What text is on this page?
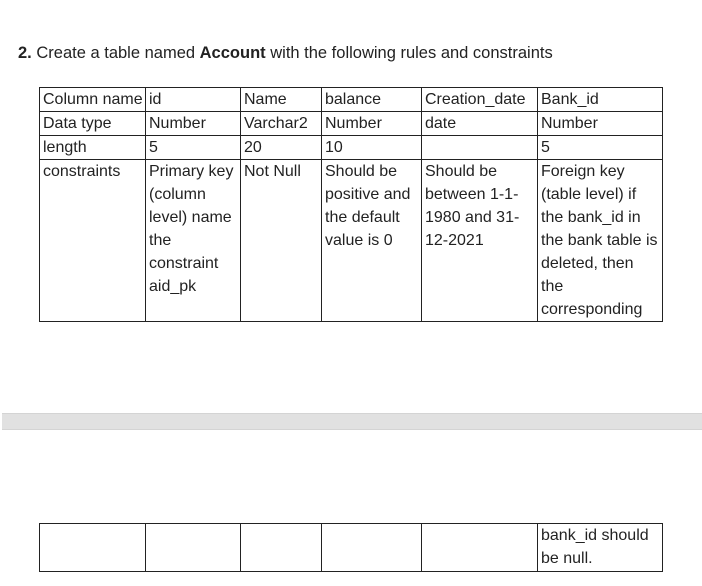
2. Create a table named Account with the following rules and constraints
Column name	id	Name	balance	Creation_date	Bank_id
Data type	Number	Varchar2	Number	date	Number
length	5	20	10		5
constraints	Primary key (column level) name the constraint aid_pk	Not Null	Should be positive and the default value is 0	Should be between 1-1-1980 and 31-12-2021	Foreign key (table level) if the bank_id in the bank table is deleted, then the corresponding
					bank_id should be null.
